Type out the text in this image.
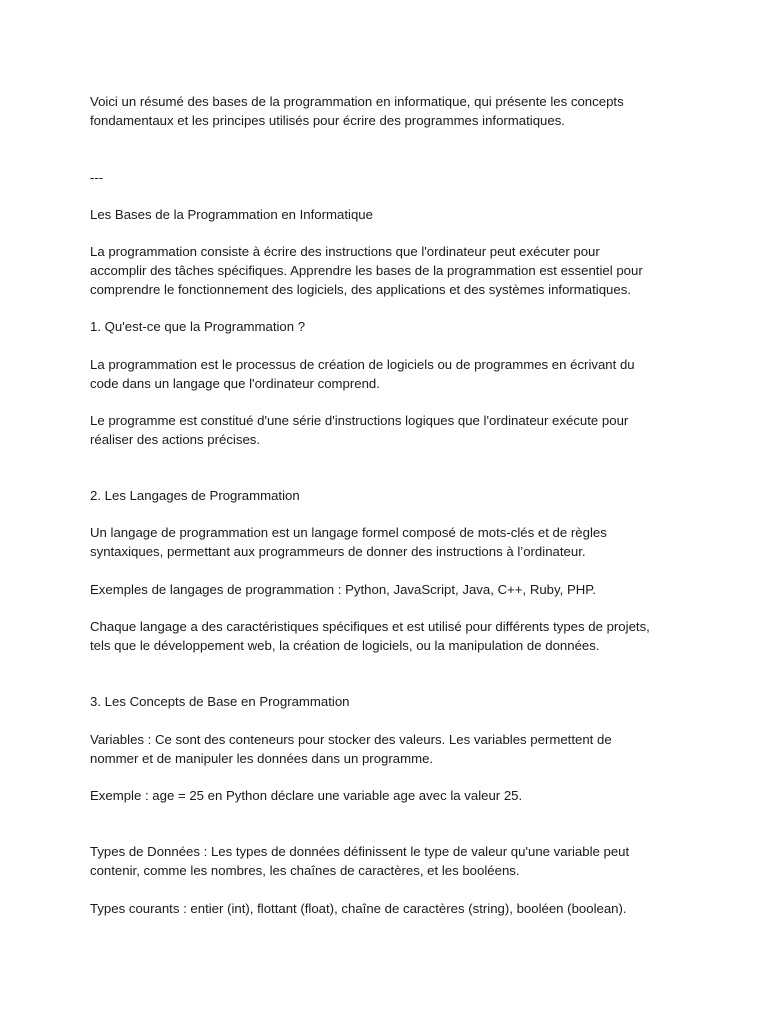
Voici un résumé des bases de la programmation en informatique, qui présente les concepts
fondamentaux et les principes utilisés pour écrire des programmes informatiques.

---

Les Bases de la Programmation en Informatique

La programmation consiste à écrire des instructions que l'ordinateur peut exécuter pour
accomplir des tâches spécifiques. Apprendre les bases de la programmation est essentiel pour
comprendre le fonctionnement des logiciels, des applications et des systèmes informatiques.

1. Qu'est-ce que la Programmation ?

La programmation est le processus de création de logiciels ou de programmes en écrivant du
code dans un langage que l'ordinateur comprend.

Le programme est constitué d'une série d'instructions logiques que l'ordinateur exécute pour
réaliser des actions précises.

2. Les Langages de Programmation

Un langage de programmation est un langage formel composé de mots-clés et de règles
syntaxiques, permettant aux programmeurs de donner des instructions à l’ordinateur.

Exemples de langages de programmation : Python, JavaScript, Java, C++, Ruby, PHP.

Chaque langage a des caractéristiques spécifiques et est utilisé pour différents types de projets,
tels que le développement web, la création de logiciels, ou la manipulation de données.

3. Les Concepts de Base en Programmation

Variables : Ce sont des conteneurs pour stocker des valeurs. Les variables permettent de
nommer et de manipuler les données dans un programme.

Exemple : age = 25 en Python déclare une variable age avec la valeur 25.

Types de Données : Les types de données définissent le type de valeur qu'une variable peut
contenir, comme les nombres, les chaînes de caractères, et les booléens.

Types courants : entier (int), flottant (float), chaîne de caractères (string), booléen (boolean).
